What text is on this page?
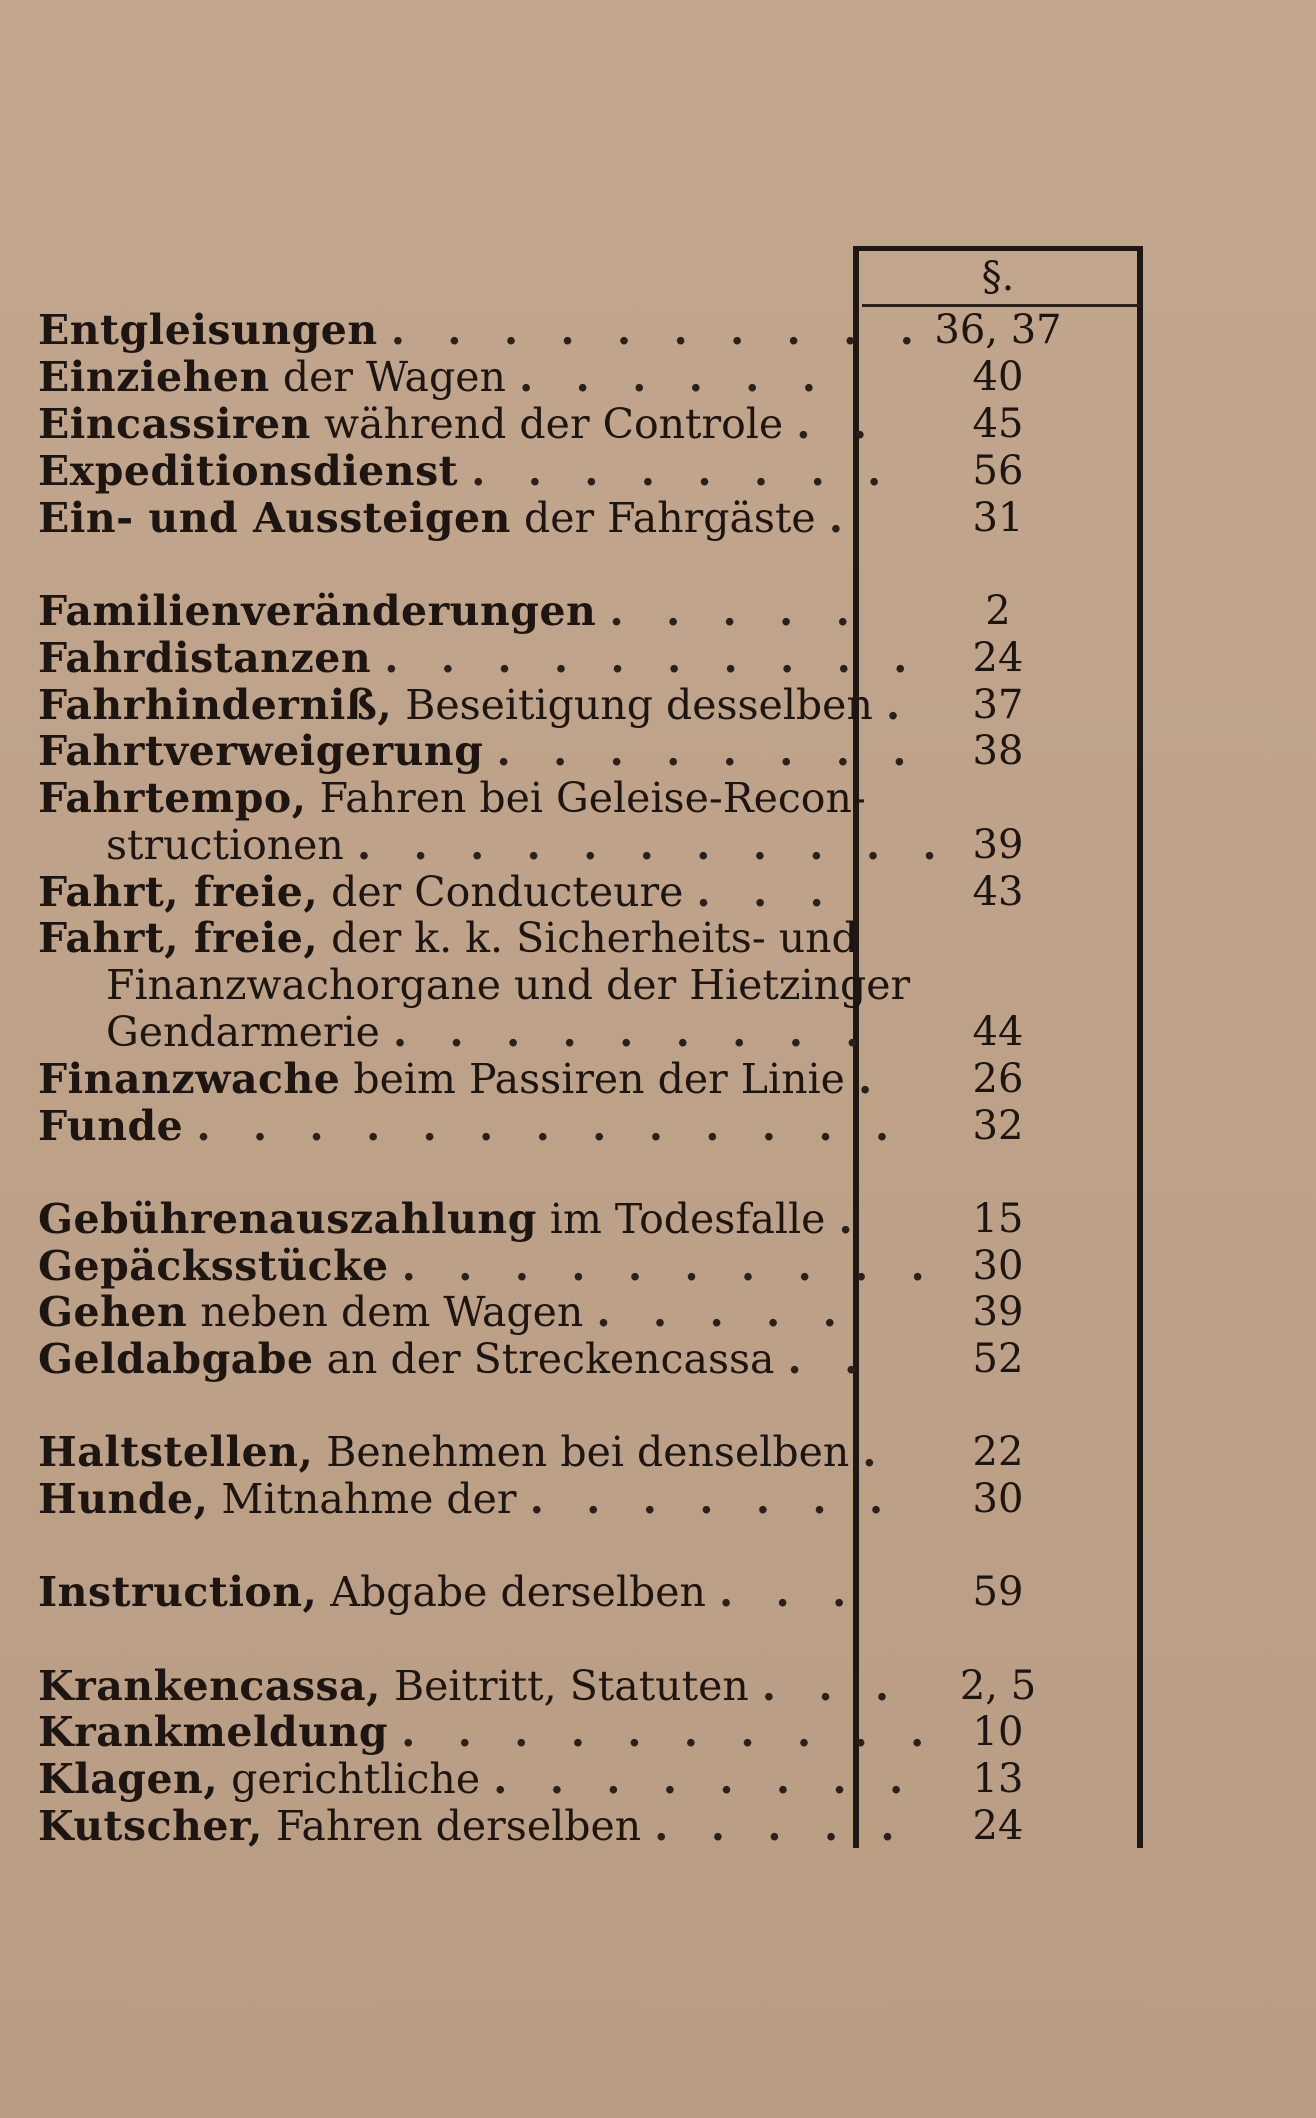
§.
Entgleisungen . . . . . . . . . . 36, 37
Einziehen der Wagen . . . . . .	40
Eincassiren während der Controle . .	45
Expeditionsdienst . . . . . . . .	56
Ein- und Aussteigen der Fahrgäste .	31
Familienveränderungen . . . . .	2
Fahrdistanzen . . . . . . . . . .	24
Fahrhinderniß, Beseitigung desselben .	37
Fahrtverweigerung . . . . . . . .	38
Fahrtempo, Fahren bei Geleise-Recon-
structionen . . . . . . . . . . . 39
Fahrt, freie, der Conducteure . . .	43
Fahrt, freie, der k. k. Sicherheits- und
Finanzwachorgane und der Hietzinger
Gendarmerie . . . . . . . . .	44
Finanzwache beim Passiren der Linie .	26
Funde . . . . . . . . . . . . .	32
Gebührenauszahlung im Todesfalle .	15
Gepäcksstücke . . . . . . . . . . 30
Gehen neben dem Wagen . . . . .	39
Geldabgabe an der Streckencassa . .	52
Haltstellen, Benehmen bei denselben .	22
Hunde, Mitnahme der . . . . . . .	30
Instruction, Abgabe derselben . . .	59
Krankencassa, Beitritt, Statuten . . .	2, 5
Krankmeldung . . . . . . . . . . 10
Klagen, gerichtliche . . . . . . . .	13
Kutscher, Fahren derselben . . . . .	24
